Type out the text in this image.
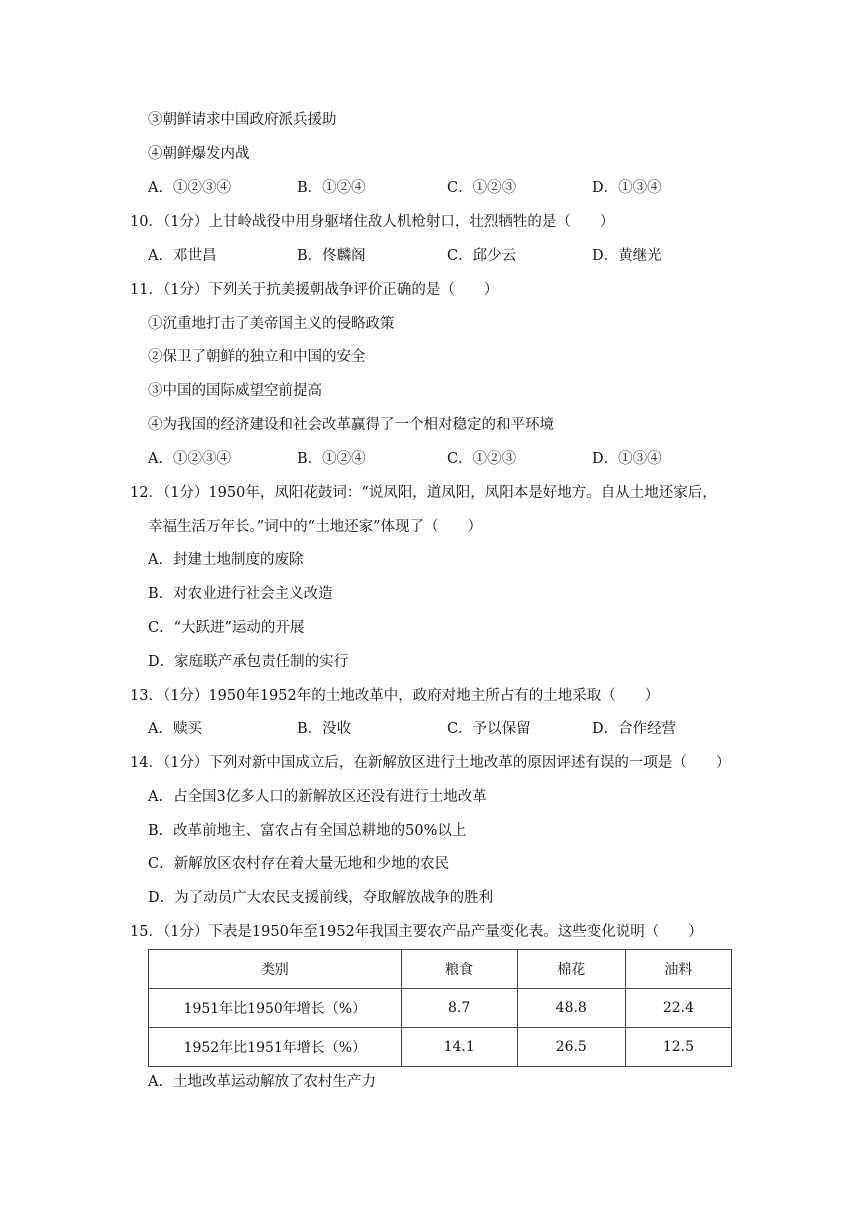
③朝鲜请求中国政府派兵援助
④朝鲜爆发内战
A．①②③④	B．①②④	C．①②③	D．①③④
10．（1分）上甘岭战役中用身躯堵住敌人机枪射口，壮烈牺牲的是（　　）
A．邓世昌	B．佟麟阁	C．邱少云	D．黄继光
11．（1分）下列关于抗美援朝战争评价正确的是（　　）
①沉重地打击了美帝国主义的侵略政策
②保卫了朝鲜的独立和中国的安全
③中国的国际威望空前提高
④为我国的经济建设和社会改革赢得了一个相对稳定的和平环境
A．①②③④	B．①②④	C．①②③	D．①③④
12．（1分）1950年，凤阳花鼓词：“说凤阳，道凤阳，凤阳本是好地方。自从土地还家后，
幸福生活万年长。”词中的“土地还家”体现了（　　）
A．封建土地制度的废除
B．对农业进行社会主义改造
C．“大跃进”运动的开展
D．家庭联产承包责任制的实行
13．（1分）1950年1952年的土地改革中，政府对地主所占有的土地采取（　　）
A．赎买	B．没收	C．予以保留	D．合作经营
14．（1分）下列对新中国成立后，在新解放区进行土地改革的原因评述有误的一项是（　　）
A．占全国3亿多人口的新解放区还没有进行土地改革
B．改革前地主、富农占有全国总耕地的50%以上
C．新解放区农村存在着大量无地和少地的农民
D．为了动员广大农民支援前线，夺取解放战争的胜利
15．（1分）下表是1950年至1952年我国主要农产品产量变化表。这些变化说明（　　）
类别	粮食	棉花	油料
1951年比1950年增长（%）	8.7	48.8	22.4
1952年比1951年增长（%）	14.1	26.5	12.5
A．土地改革运动解放了农村生产力
